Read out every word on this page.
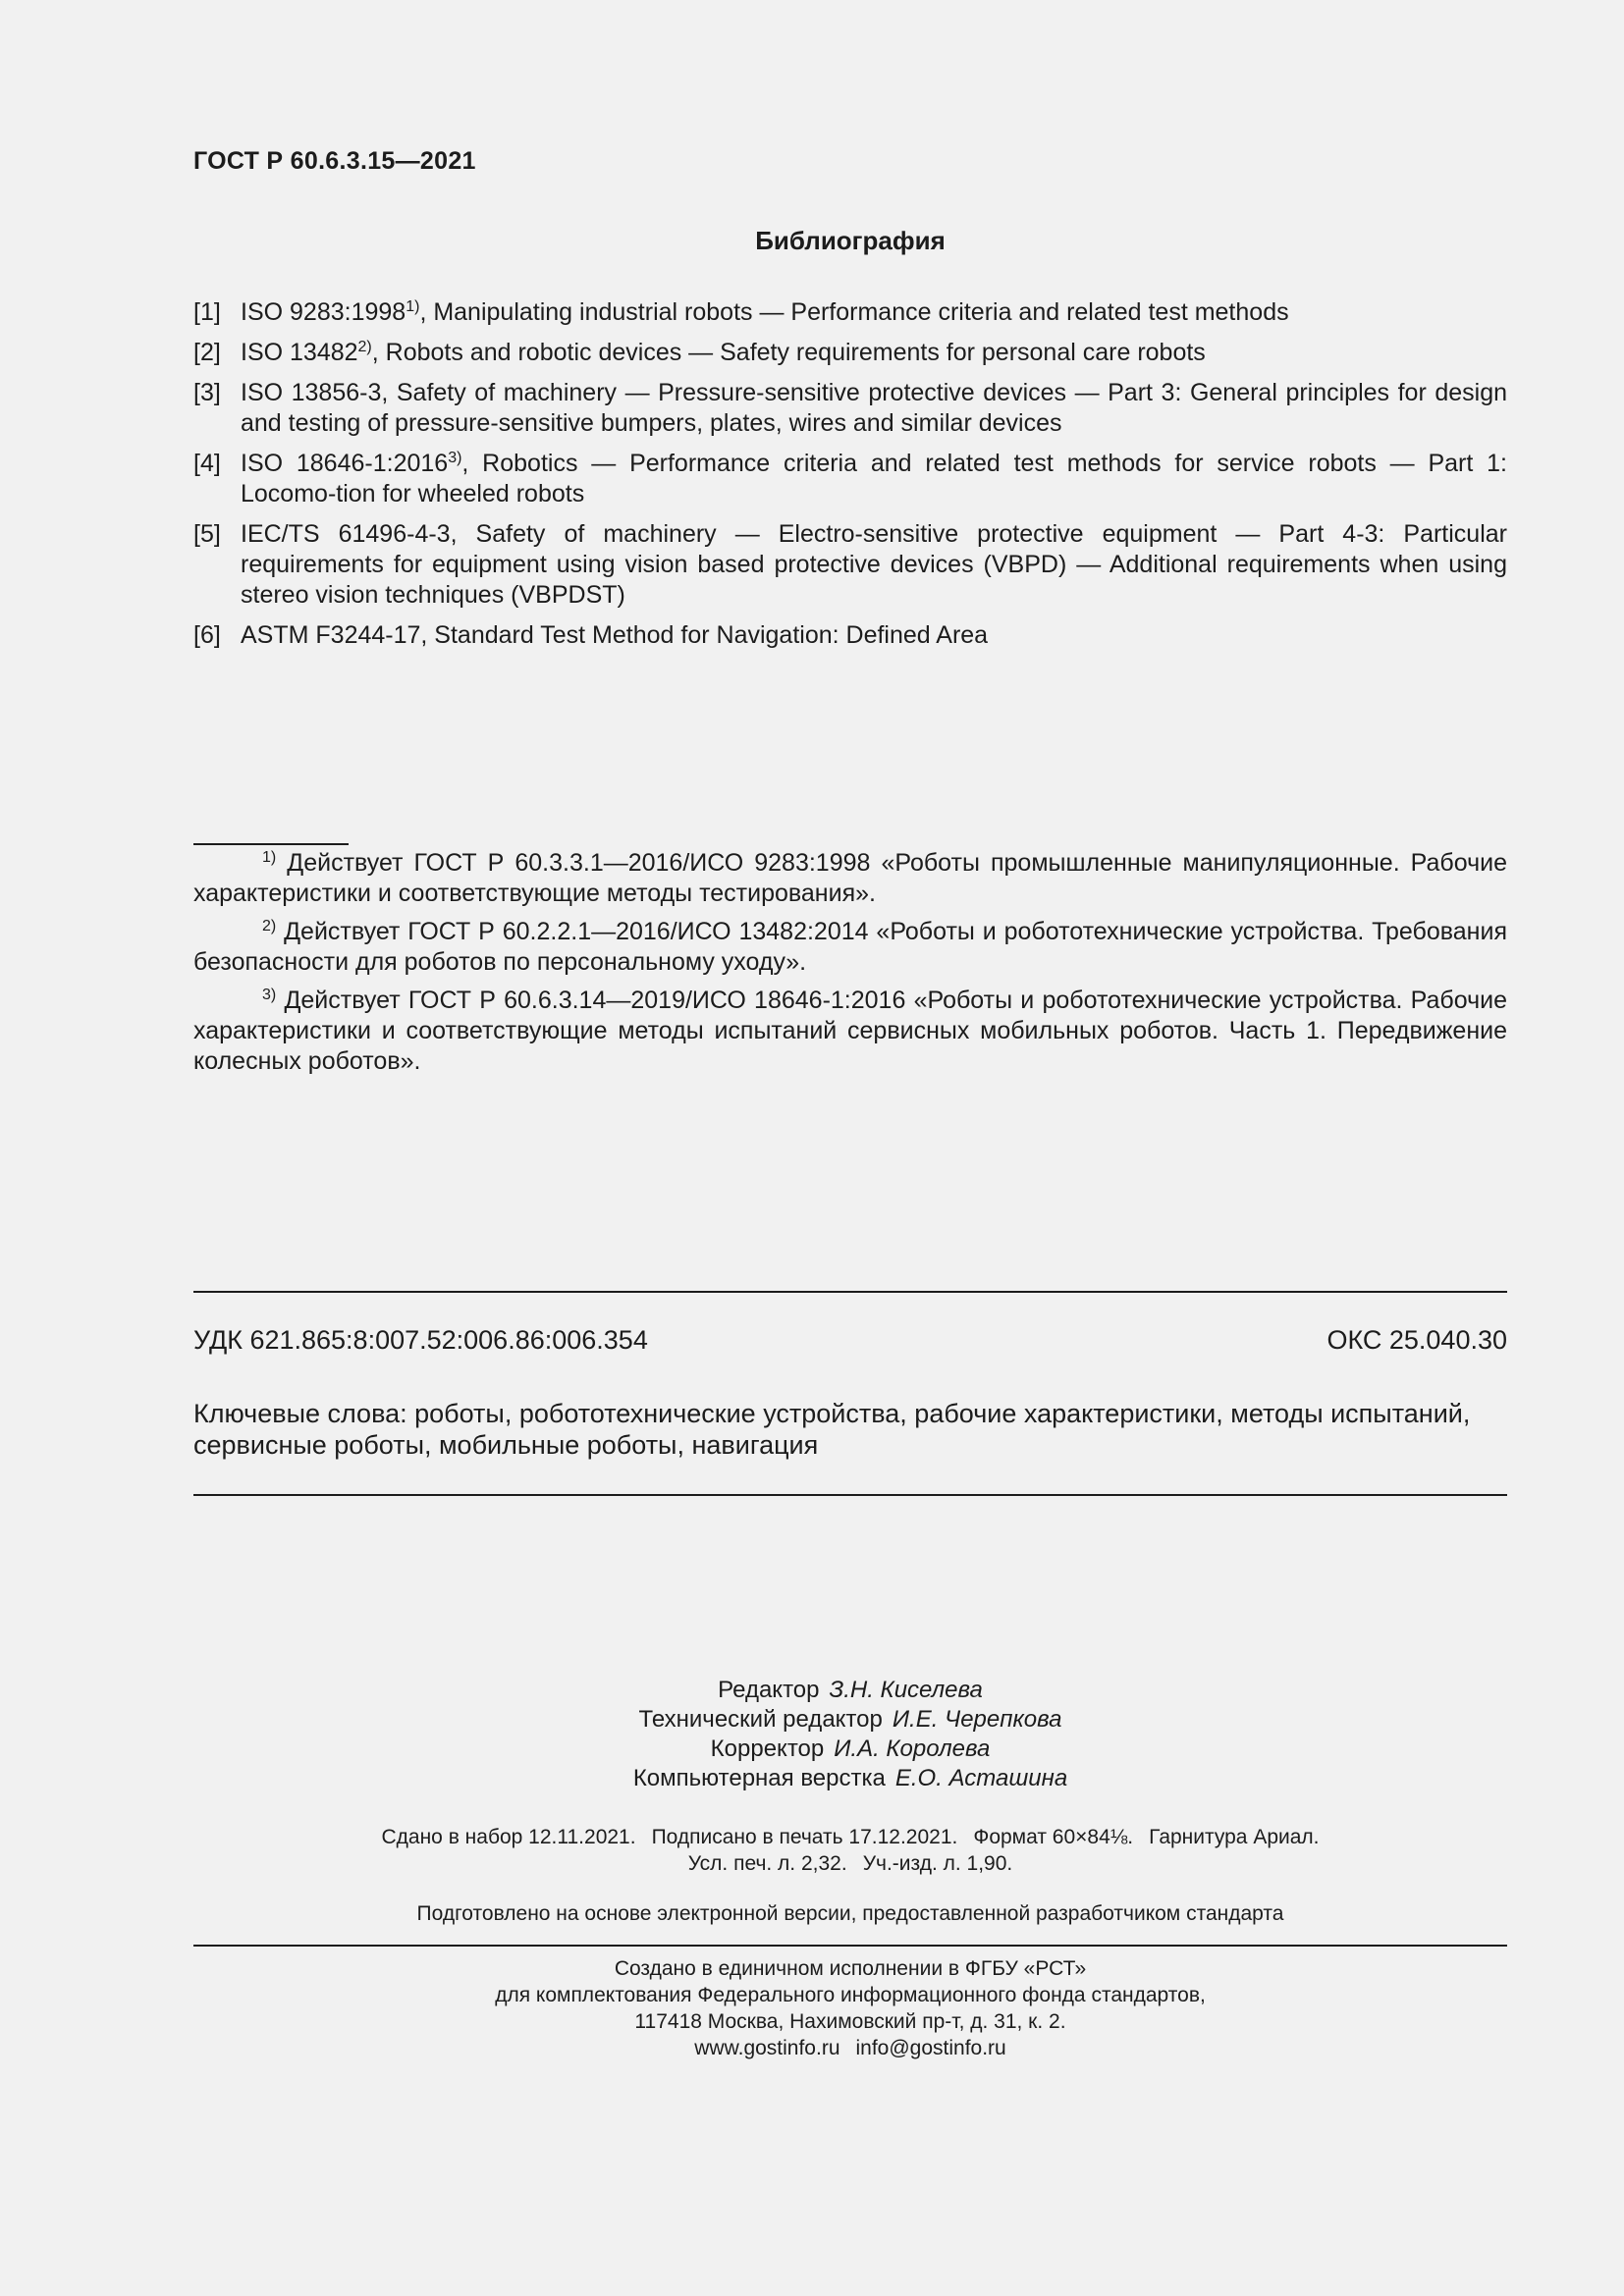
ГОСТ Р 60.6.3.15—2021
Библиография
[1] ISO 9283:1998$^{1)}$, Manipulating industrial robots — Performance criteria and related test methods
[2] ISO 13482$^{2)}$, Robots and robotic devices — Safety requirements for personal care robots
[3] ISO 13856-3, Safety of machinery — Pressure-sensitive protective devices — Part 3: General principles for design and testing of pressure-sensitive bumpers, plates, wires and similar devices
[4] ISO 18646-1:2016$^{3)}$, Robotics — Performance criteria and related test methods for service robots — Part 1: Locomo-tion for wheeled robots
[5] IEC/TS 61496-4-3, Safety of machinery — Electro-sensitive protective equipment — Part 4-3: Particular requirements for equipment using vision based protective devices (VBPD) — Additional requirements when using stereo vision techniques (VBPDST)
[6] ASTM F3244-17, Standard Test Method for Navigation: Defined Area
$^{1)}$ Действует ГОСТ Р 60.3.3.1—2016/ИСО 9283:1998 «Роботы промышленные манипуляционные. Рабочие характеристики и соответствующие методы тестирования».
$^{2)}$ Действует ГОСТ Р 60.2.2.1—2016/ИСО 13482:2014 «Роботы и робототехнические устройства. Требования безопасности для роботов по персональному уходу».
$^{3)}$ Действует ГОСТ Р 60.6.3.14—2019/ИСО 18646-1:2016 «Роботы и робототехнические устройства. Рабочие характеристики и соответствующие методы испытаний сервисных мобильных роботов. Часть 1. Передвижение колесных роботов».
УДК 621.865:8:007.52:006.86:006.354	ОКС 25.040.30
Ключевые слова: роботы, робототехнические устройства, рабочие характеристики, методы испытаний, сервисные роботы, мобильные роботы, навигация
Редактор З.Н. Киселева
Технический редактор И.Е. Черепкова
Корректор И.А. Королева
Компьютерная верстка Е.О. Асташина
Сдано в набор 12.11.2021. Подписано в печать 17.12.2021. Формат 60×84⅛. Гарнитура Ариал.
Усл. печ. л. 2,32. Уч.-изд. л. 1,90.
Подготовлено на основе электронной версии, предоставленной разработчиком стандарта
Создано в единичном исполнении в ФГБУ «РСТ»
для комплектования Федерального информационного фонда стандартов,
117418 Москва, Нахимовский пр-т, д. 31, к. 2.
www.gostinfo.ru info@gostinfo.ru
